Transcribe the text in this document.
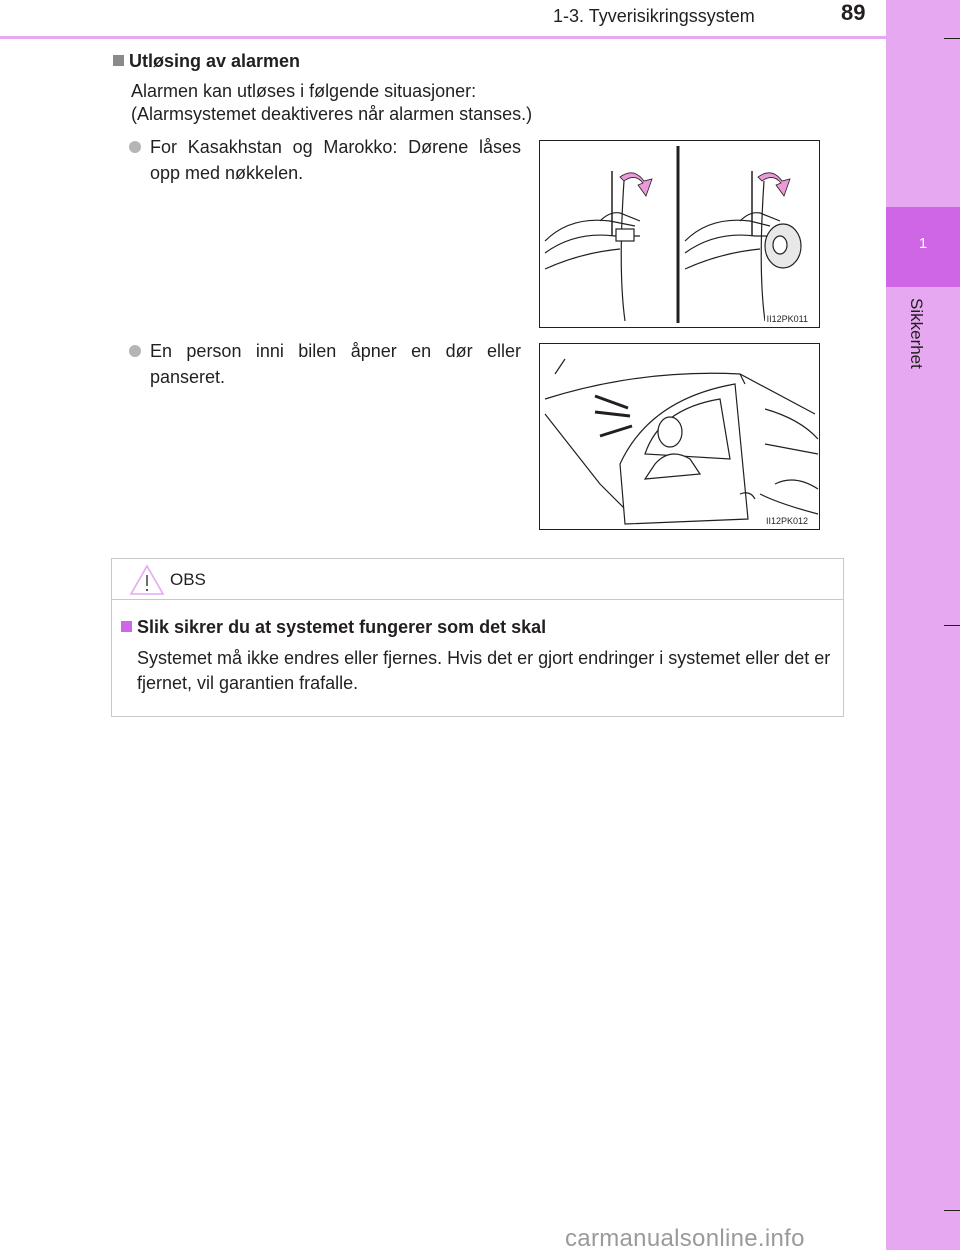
1
Sikkerhet
1-3. Tyverisikringssystem	89
Utløsing av alarmen
Alarmen kan utløses i følgende situasjoner:
(Alarmsystemet deaktiveres når alarmen stanses.)
For Kasakhstan og Marokko: Dørene låses opp med nøkkelen.
II12PK011
En person inni bilen åpner en dør eller panseret.
II12PK012
OBS
Slik sikrer du at systemet fungerer som det skal
Systemet må ikke endres eller fjernes. Hvis det er gjort endringer i systemet eller det er fjernet, vil garantien frafalle.
carmanualsonline.info
